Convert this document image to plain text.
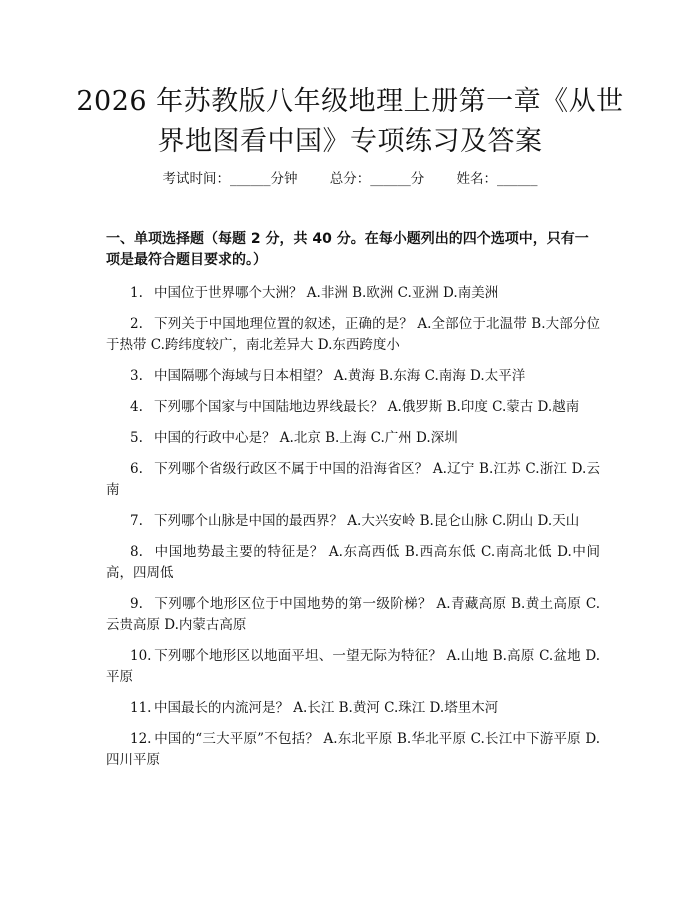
2026 年苏教版八年级地理上册第一章《从世
界地图看中国》专项练习及答案
考试时间：______分钟 总分：______分 姓名：______
一、单项选择题（每题 2 分，共 40 分。在每小题列出的四个选项中，只有一项是最符合题目要求的。）
1. 中国位于世界哪个大洲？ A.非洲 B.欧洲 C.亚洲 D.南美洲
2. 下列关于中国地理位置的叙述，正确的是？ A.全部位于北温带 B.大部分位于热带 C.跨纬度较广，南北差异大 D.东西跨度小
3. 中国隔哪个海域与日本相望？ A.黄海 B.东海 C.南海 D.太平洋
4. 下列哪个国家与中国陆地边界线最长？ A.俄罗斯 B.印度 C.蒙古 D.越南
5. 中国的行政中心是？ A.北京 B.上海 C.广州 D.深圳
6. 下列哪个省级行政区不属于中国的沿海省区？ A.辽宁 B.江苏 C.浙江 D.云南
7. 下列哪个山脉是中国的最西界？ A.大兴安岭 B.昆仑山脉 C.阴山 D.天山
8. 中国地势最主要的特征是？ A.东高西低 B.西高东低 C.南高北低 D.中间高，四周低
9. 下列哪个地形区位于中国地势的第一级阶梯？ A.青藏高原 B.黄土高原 C.云贵高原 D.内蒙古高原
10. 下列哪个地形区以地面平坦、一望无际为特征？ A.山地 B.高原 C.盆地 D.平原
11. 中国最长的内流河是？ A.长江 B.黄河 C.珠江 D.塔里木河
12. 中国的“三大平原”不包括？ A.东北平原 B.华北平原 C.长江中下游平原 D.四川平原
